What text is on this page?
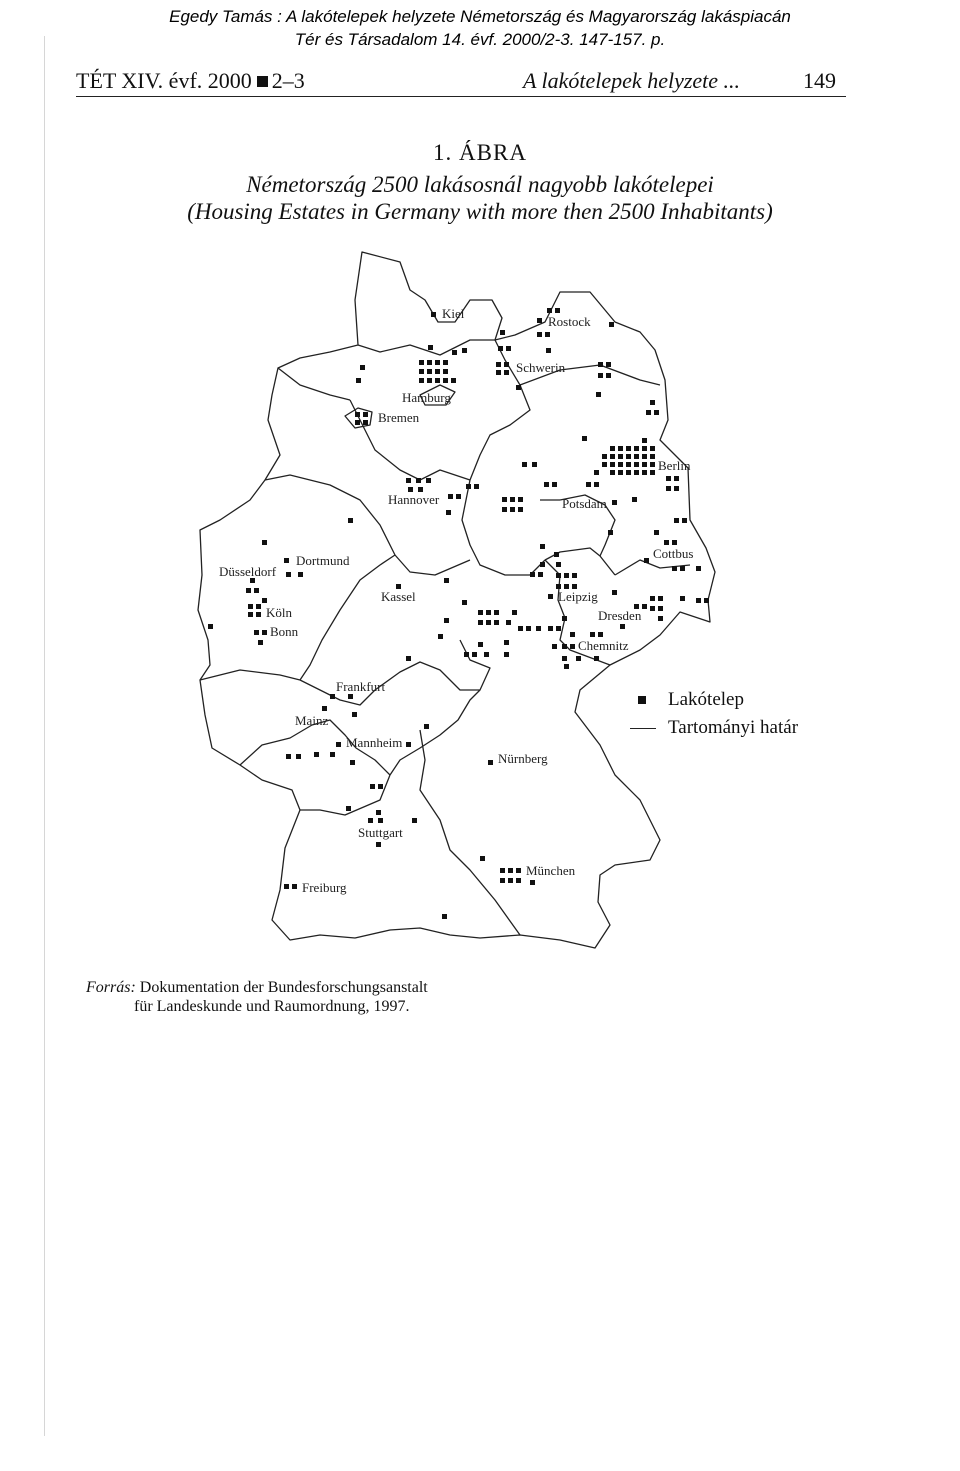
Egedy Tamás : A lakótelepek helyzete Németország és Magyarország lakáspiacán
Tér és Társadalom 14. évf. 2000/2-3. 147-157. p.
TÉT XIV. évf. 2000 2–3	A lakótelepek helyzete ...	149
1. ÁBRA
Németország 2500 lakásosnál nagyobb lakótelepei
(Housing Estates in Germany with more then 2500 Inhabitants)
Kiel
Rostock
Schwerin
Hamburg
Bremen
Berlin
Hannover	Potsdam
Dortmund
Düsseldorf
Cottbus
Kassel	Leipzig
Köln	Dresden
Bonn
Chemnitz
Frankfurt
Mainz
Mannheim
Nürnberg
Stuttgart
München
Freiburg
Lakótelep
Tartományi határ
Forrás: Dokumentation der Bundesforschungsanstalt
für Landeskunde und Raumordnung, 1997.
